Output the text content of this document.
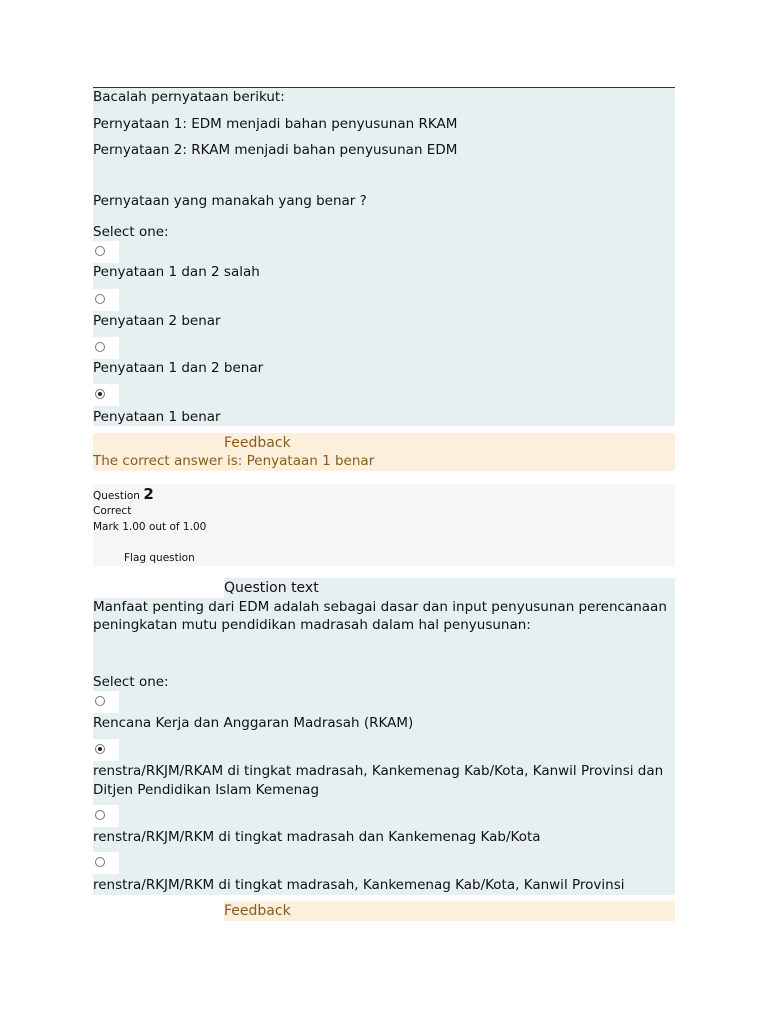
Bacalah pernyataan berikut:
Pernyataan 1: EDM menjadi bahan penyusunan RKAM
Pernyataan 2: RKAM menjadi bahan penyusunan EDM
Pernyataan yang manakah yang benar ?
Select one:
Penyataan 1 dan 2 salah
Penyataan 2 benar
Penyataan 1 dan 2 benar
Penyataan 1 benar
Feedback
The correct answer is: Penyataan 1 benar
Question 2
Correct
Mark 1.00 out of 1.00
Flag question
Question text
Manfaat penting dari EDM adalah sebagai dasar dan input penyusunan perencanaan
peningkatan mutu pendidikan madrasah dalam hal penyusunan:
Select one:
Rencana Kerja dan Anggaran Madrasah (RKAM)
renstra/RKJM/RKAM di tingkat madrasah, Kankemenag Kab/Kota, Kanwil Provinsi dan
Ditjen Pendidikan Islam Kemenag
renstra/RKJM/RKM di tingkat madrasah dan Kankemenag Kab/Kota
renstra/RKJM/RKM di tingkat madrasah, Kankemenag Kab/Kota, Kanwil Provinsi
Feedback
